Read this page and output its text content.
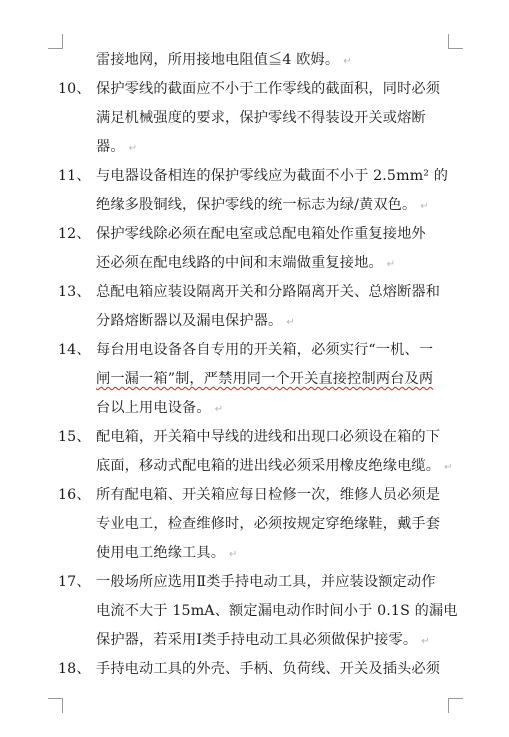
雷接地网，所用接地电阻值≦4 欧姆。 ↵
10、 保护零线的截面应不小于工作零线的截面积，同时必须
满足机械强度的要求，保护零线不得装设开关或熔断
器。 ↵
11、 与电器设备相连的保护零线应为截面不小于 2.5mm² 的
绝缘多股铜线，保护零线的统一标志为绿/黄双色。 ↵
12、 保护零线除必须在配电室或总配电箱处作重复接地外
还必须在配电线路的中间和末端做重复接地。 ↵
13、 总配电箱应装设隔离开关和分路隔离开关、总熔断器和
分路熔断器以及漏电保护器。 ↵
14、 每台用电设备各自专用的开关箱，必须实行“一机、一
闸一漏一箱”制，严禁用同一个开关直接控制两台及两
台以上用电设备。 ↵
15、 配电箱，开关箱中导线的进线和出现口必须设在箱的下
底面，移动式配电箱的进出线必须采用橡皮绝缘电缆。 ↵
16、 所有配电箱、开关箱应每日检修一次，维修人员必须是
专业电工，检查维修时，必须按规定穿绝缘鞋，戴手套
使用电工绝缘工具。 ↵
17、 一般场所应选用Ⅱ类手持电动工具，并应装设额定动作
电流不大于 15mA、额定漏电动作时间小于 0.1S 的漏电
保护器，若采用Ⅰ类手持电动工具必须做保护接零。 ↵
18、 手持电动工具的外壳、手柄、负荷线、开关及插头必须
